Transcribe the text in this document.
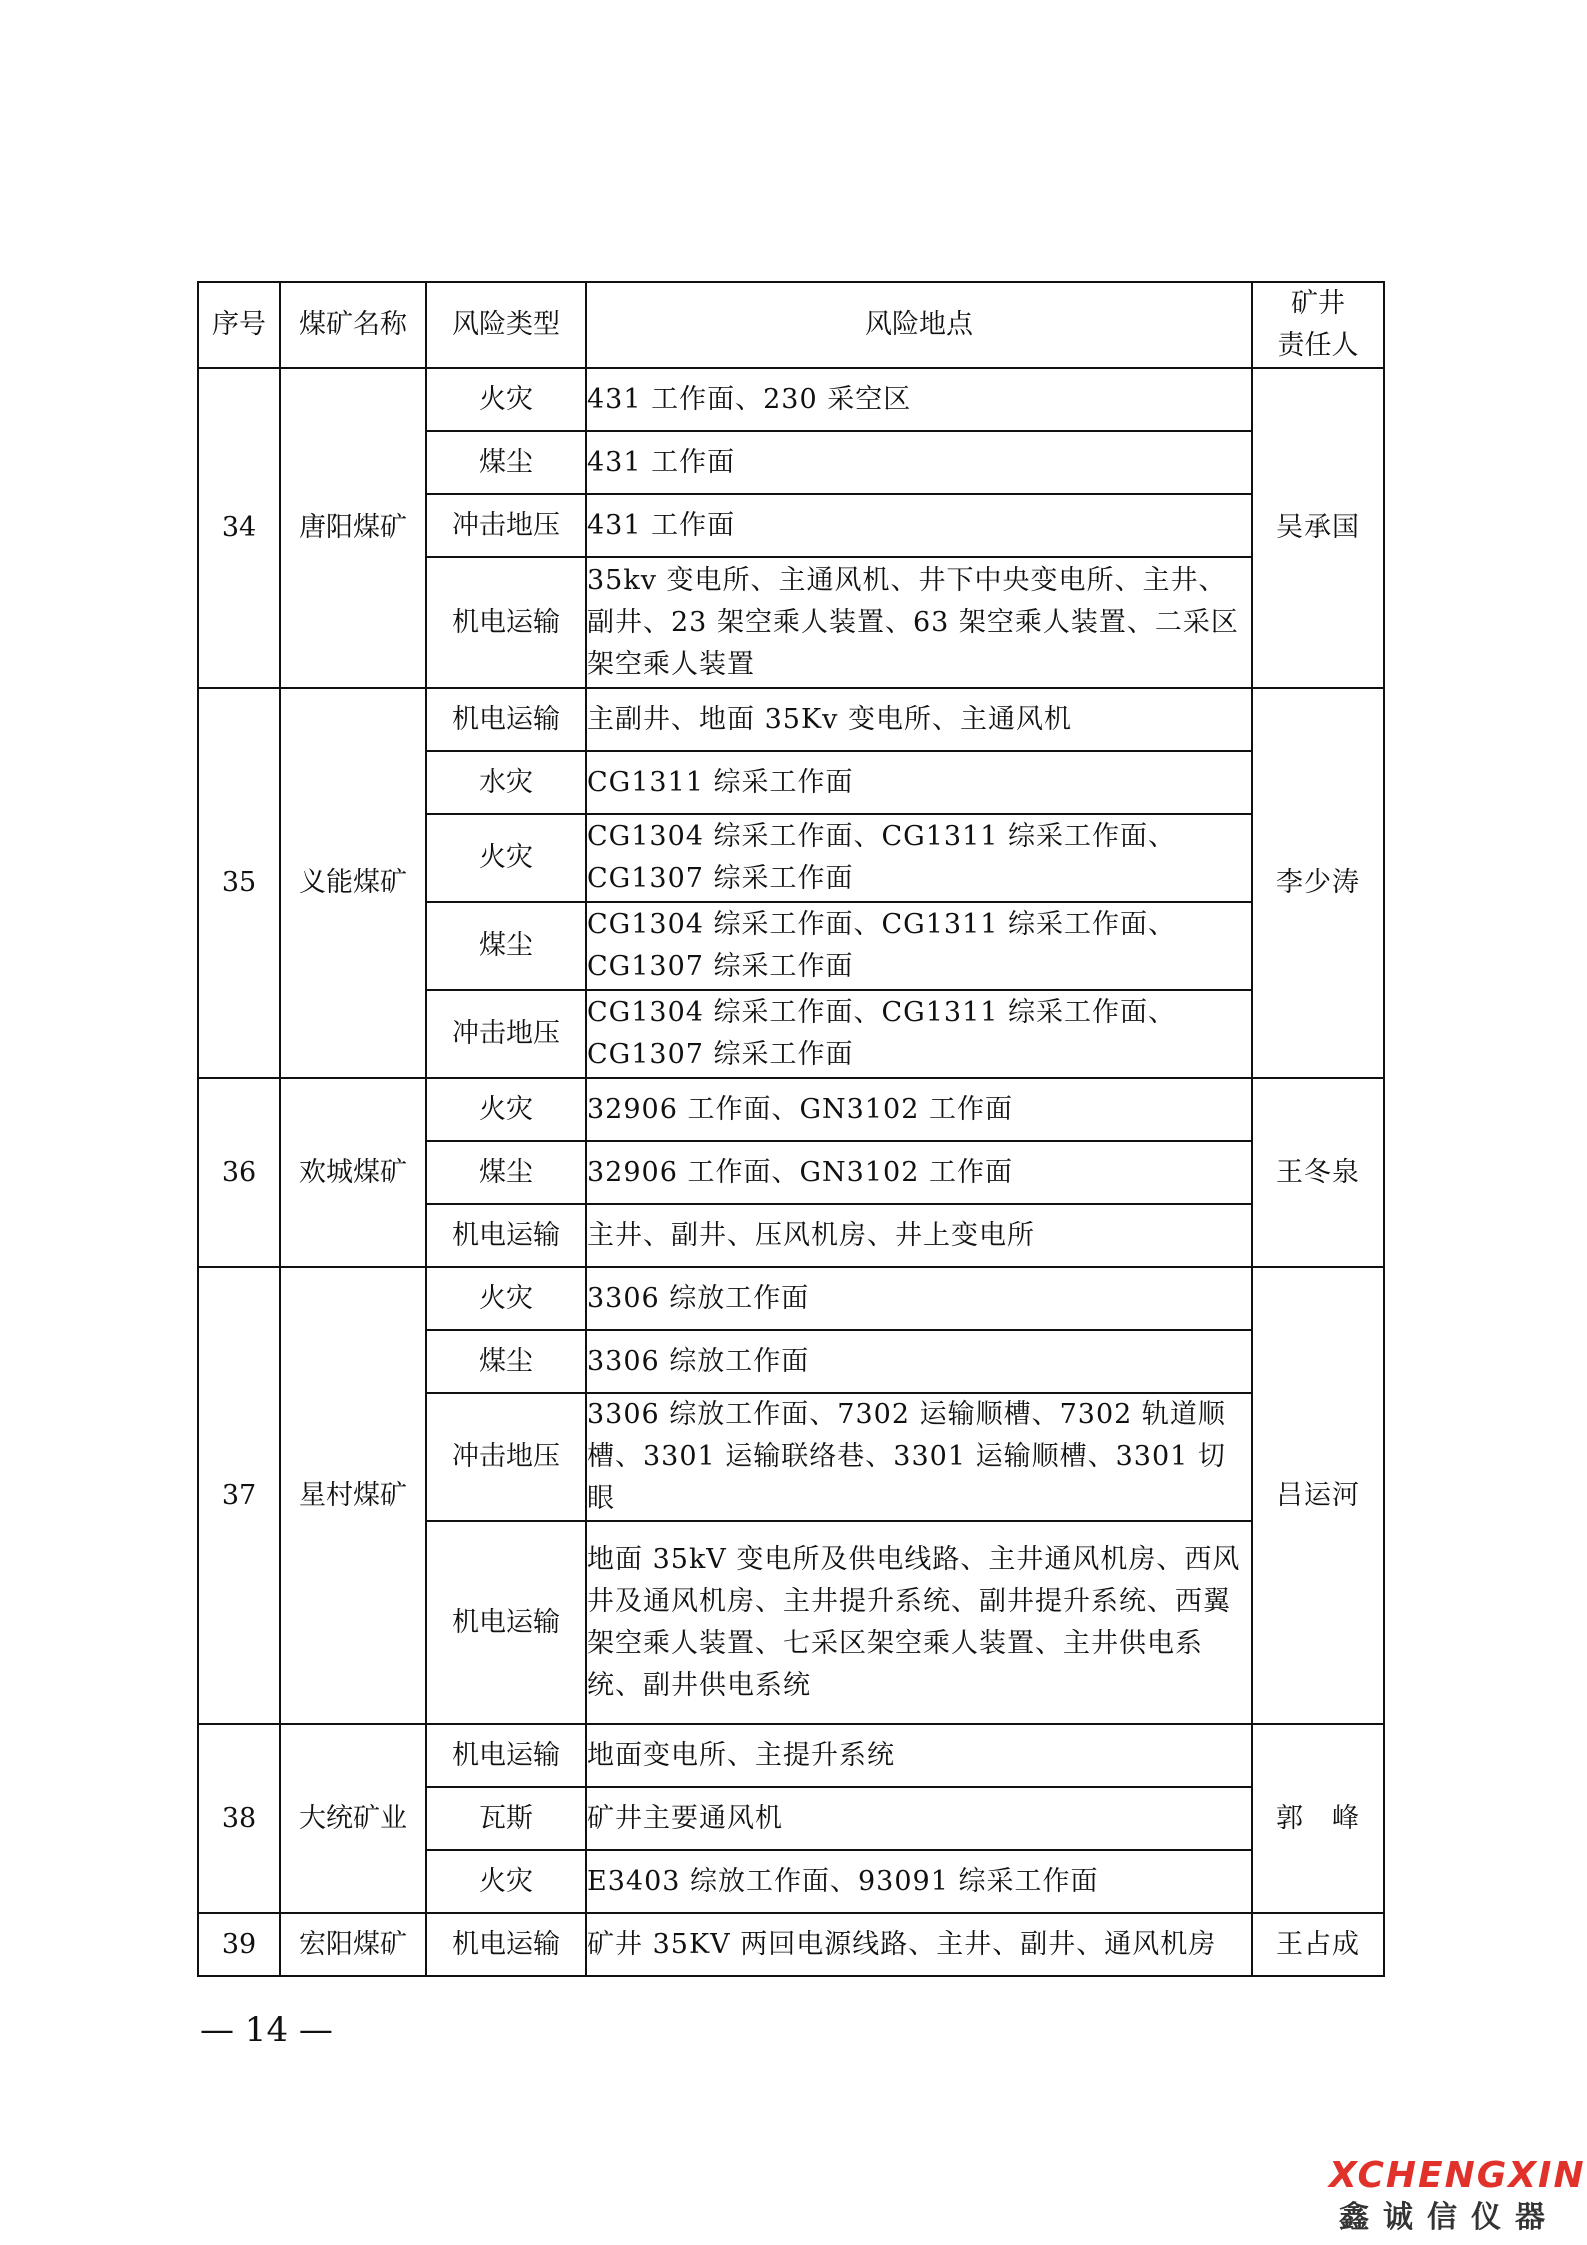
序号	煤矿名称	风险类型	风险地点	矿井
责任人
34	唐阳煤矿	火灾	431 工作面、230 采空区	吴承国
		煤尘	431 工作面	
		冲击地压	431 工作面	
		机电运输	35kv 变电所、主通风机、井下中央变电所、主井、副井、23 架空乘人装置、63 架空乘人装置、二采区架空乘人装置	
35	义能煤矿	机电运输	主副井、地面 35Kv 变电所、主通风机	李少涛
		水灾	CG1311 综采工作面	
		火灾	CG1304 综采工作面、CG1311 综采工作面、CG1307 综采工作面	
		煤尘	CG1304 综采工作面、CG1311 综采工作面、CG1307 综采工作面	
		冲击地压	CG1304 综采工作面、CG1311 综采工作面、CG1307 综采工作面	
36	欢城煤矿	火灾	32906 工作面、GN3102 工作面	王冬泉
		煤尘	32906 工作面、GN3102 工作面	
		机电运输	主井、副井、压风机房、井上变电所	
37	星村煤矿	火灾	3306 综放工作面	吕运河
		煤尘	3306 综放工作面	
		冲击地压	3306 综放工作面、7302 运输顺槽、7302 轨道顺槽、3301 运输联络巷、3301 运输顺槽、3301 切眼	
		机电运输	地面 35kV 变电所及供电线路、主井通风机房、西风井及通风机房、主井提升系统、副井提升系统、西翼架空乘人装置、七采区架空乘人装置、主井供电系统、副井供电系统	
38	大统矿业	机电运输	地面变电所、主提升系统	郭　峰
		瓦斯	矿井主要通风机	
		火灾	E3403 综放工作面、93091 综采工作面	
39	宏阳煤矿	机电运输	矿井 35KV 两回电源线路、主井、副井、通风机房	王占成
— 14 —
XCHENGXIN
鑫诚信仪器
